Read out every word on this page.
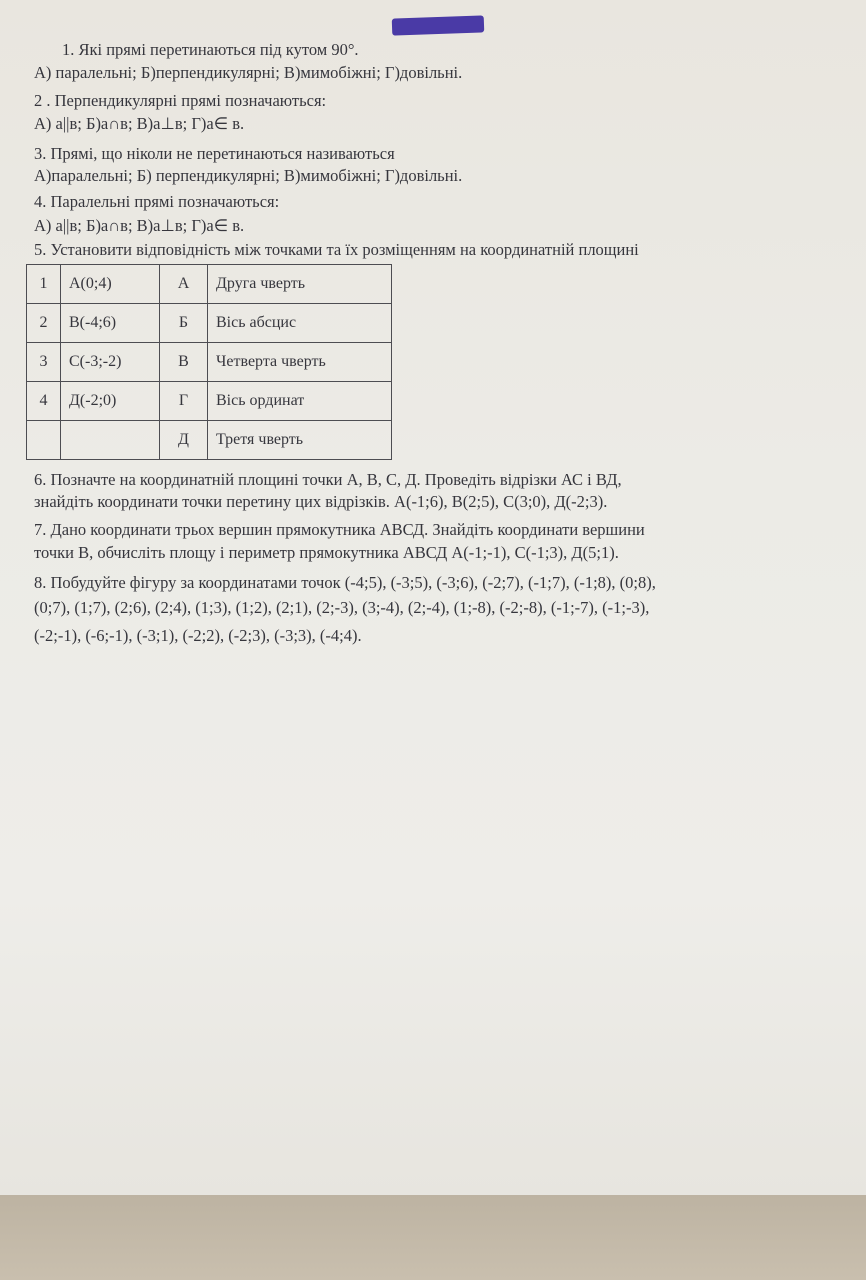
1. Які прямі перетинаються під кутом 90°.
А) паралельні; Б)перпендикулярні; В)мимобіжні; Г)довільні.
2 . Перпендикулярні прямі позначаються:
А) а||в; Б)а∩в; В)а⊥в; Г)а∈ в.
3. Прямі, що ніколи не перетинаються називаються
А)паралельні; Б) перпендикулярні; В)мимобіжні; Г)довільні.
4. Паралельні прямі позначаються:
А) а||в; Б)а∩в; В)а⊥в; Г)а∈ в.
5. Установити відповідність між точками та їх розміщенням на координатній площині
1	А(0;4)	А	Друга чверть
2	В(-4;6)	Б	Вісь абсцис
3	С(-3;-2)	В	Четверта чверть
4	Д(-2;0)	Г	Вісь ординат
		Д	Третя чверть
6. Позначте на координатній площині точки А, В, С, Д. Проведіть відрізки АС і ВД,
знайдіть координати точки перетину цих відрізків. А(-1;6), В(2;5), С(3;0), Д(-2;3).
7. Дано координати трьох вершин прямокутника АВСД. Знайдіть координати вершини
точки В, обчисліть площу і периметр прямокутника АВСД А(-1;-1), С(-1;3), Д(5;1).
8. Побудуйте фігуру за координатами точок (-4;5), (-3;5), (-3;6), (-2;7), (-1;7), (-1;8), (0;8),
(0;7), (1;7), (2;6), (2;4), (1;3), (1;2), (2;1), (2;-3), (3;-4), (2;-4), (1;-8), (-2;-8), (-1;-7), (-1;-3),
(-2;-1), (-6;-1), (-3;1), (-2;2), (-2;3), (-3;3), (-4;4).
